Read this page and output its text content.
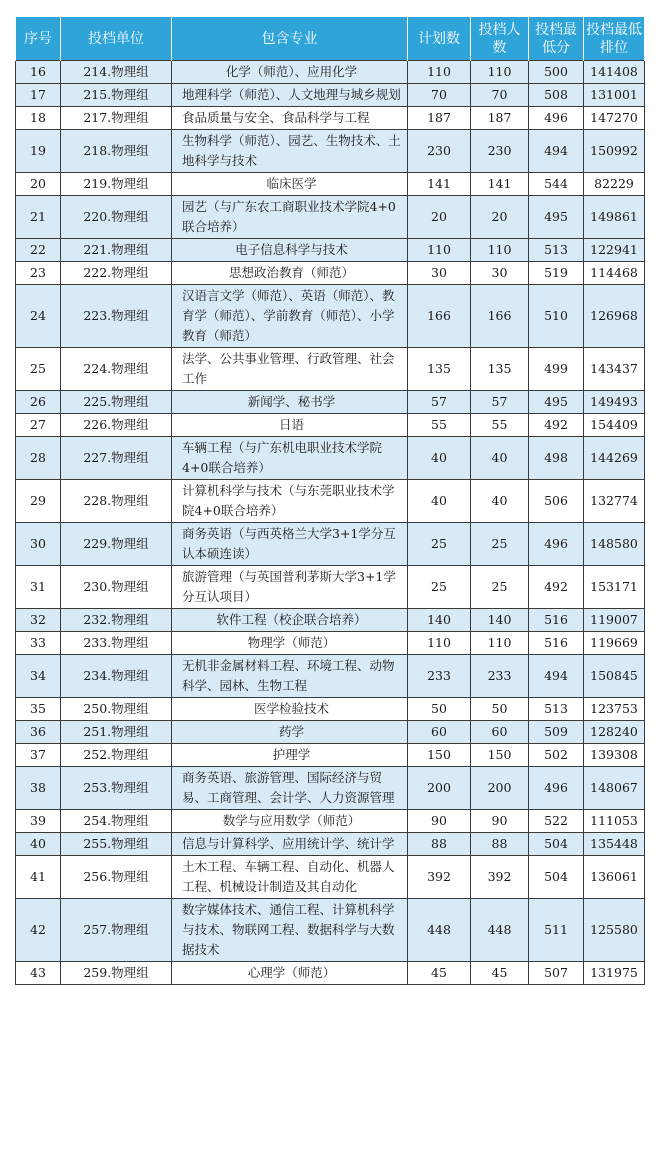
序号	投档单位	包含专业	计划数	投档人数	投档最低分	投档最低排位
16	214.物理组	化学（师范）、应用化学	110	110	500	141408
17	215.物理组	地理科学（师范）、人文地理与城乡规划	70	70	508	131001
18	217.物理组	食品质量与安全、食品科学与工程	187	187	496	147270
19	218.物理组	生物科学（师范）、园艺、生物技术、土地科学与技术	230	230	494	150992
20	219.物理组	临床医学	141	141	544	82229
21	220.物理组	园艺（与广东农工商职业技术学院4+0联合培养）	20	20	495	149861
22	221.物理组	电子信息科学与技术	110	110	513	122941
23	222.物理组	思想政治教育（师范）	30	30	519	114468
24	223.物理组	汉语言文学（师范）、英语（师范）、教育学（师范）、学前教育（师范）、小学教育（师范）	166	166	510	126968
25	224.物理组	法学、公共事业管理、行政管理、社会工作	135	135	499	143437
26	225.物理组	新闻学、秘书学	57	57	495	149493
27	226.物理组	日语	55	55	492	154409
28	227.物理组	车辆工程（与广东机电职业技术学院4+0联合培养）	40	40	498	144269
29	228.物理组	计算机科学与技术（与东莞职业技术学院4+0联合培养）	40	40	506	132774
30	229.物理组	商务英语（与西英格兰大学3+1学分互认本硕连读）	25	25	496	148580
31	230.物理组	旅游管理（与英国普利茅斯大学3+1学分互认项目）	25	25	492	153171
32	232.物理组	软件工程（校企联合培养）	140	140	516	119007
33	233.物理组	物理学（师范）	110	110	516	119669
34	234.物理组	无机非金属材料工程、环境工程、动物科学、园林、生物工程	233	233	494	150845
35	250.物理组	医学检验技术	50	50	513	123753
36	251.物理组	药学	60	60	509	128240
37	252.物理组	护理学	150	150	502	139308
38	253.物理组	商务英语、旅游管理、国际经济与贸易、工商管理、会计学、人力资源管理	200	200	496	148067
39	254.物理组	数学与应用数学（师范）	90	90	522	111053
40	255.物理组	信息与计算科学、应用统计学、统计学	88	88	504	135448
41	256.物理组	土木工程、车辆工程、自动化、机器人工程、机械设计制造及其自动化	392	392	504	136061
42	257.物理组	数字媒体技术、通信工程、计算机科学与技术、物联网工程、数据科学与大数据技术	448	448	511	125580
43	259.物理组	心理学（师范）	45	45	507	131975
